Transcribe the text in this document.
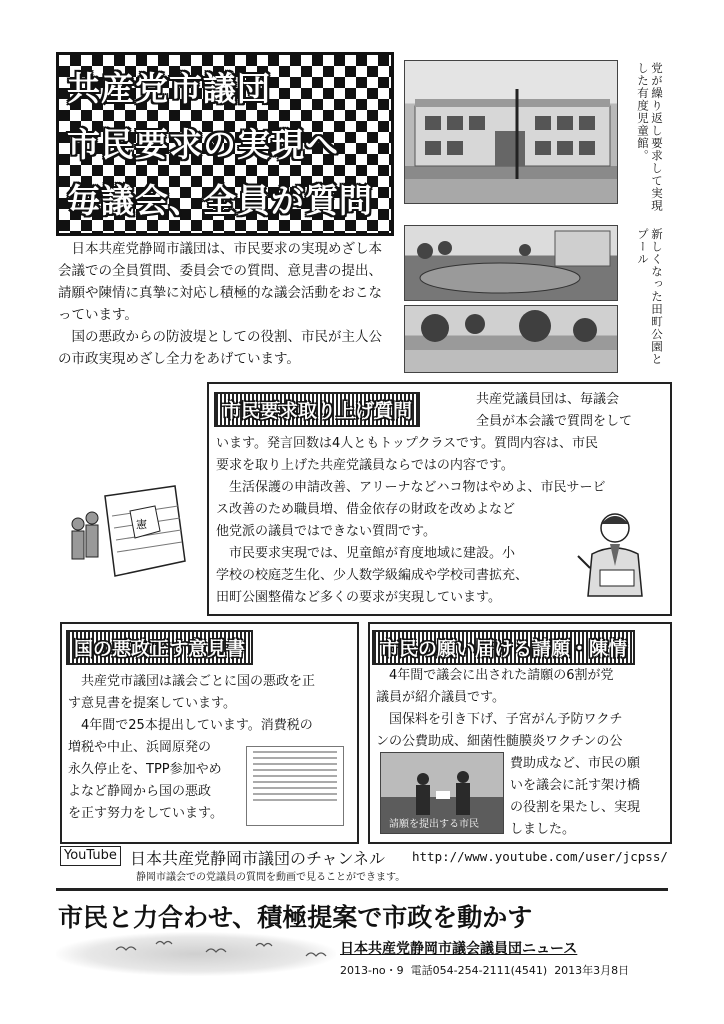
共産党市議団
市民要求の実現へ
毎議会、全員が質問
日本共産党静岡市議団は、市民要求の実現めざし本会議での全員質問、委員会での質問、意見書の提出、請願や陳情に真摯に対応し積極的な議会活動をおこなっています。
国の悪政からの防波堤としての役割、市民が主人公の市政実現めざし全力をあげています。
党が繰り返し要求して実現した有度児童館。
新しくなった田町公園とプール
市民要求取り上げ質問
共産党議員団は、毎議会
全員が本会議で質問をして
います。発言回数は4人ともトップクラスです。質問内容は、市民
要求を取り上げた共産党議員ならではの内容です。
　生活保護の申請改善、アリーナなどハコ物はやめよ、市民サービ
ス改善のため職員増、借金依存の財政を改めよなど
他党派の議員ではできない質問です。
　市民要求実現では、児童館が育度地域に建設。小
学校の校庭芝生化、少人数学級編成や学校司書拡充、
田町公園整備など多くの要求が実現しています。
憲
国の悪政正す意見書
　共産党市議団は議会ごとに国の悪政を正
す意見書を提案しています。
　4年間で25本提出しています。消費税の
増税や中止、浜岡原発の
永久停止を、TPP参加やめ
よなど静岡から国の悪政
を正す努力をしています。
市民の願い届ける請願・陳情
　4年間で議会に出された請願の6割が党
議員が紹介議員です。
　国保料を引き下げ、子宮がん予防ワクチ
ンの公費助成、細菌性髄膜炎ワクチンの公
費助成など、市民の願
いを議会に託す架け橋
の役割を果たし、実現
しました。
請願を提出する市民
YouTube 日本共産党静岡市議団のチャンネル http://www.youtube.com/user/jcpss/
静岡市議会での党議員の質問を動画で見ることができます。
市民と力合わせ、積極提案で市政を動かす
日本共産党静岡市議会議員団ニュース
2013-no・9 電話054-254-2111(4541) 2013年3月8日
